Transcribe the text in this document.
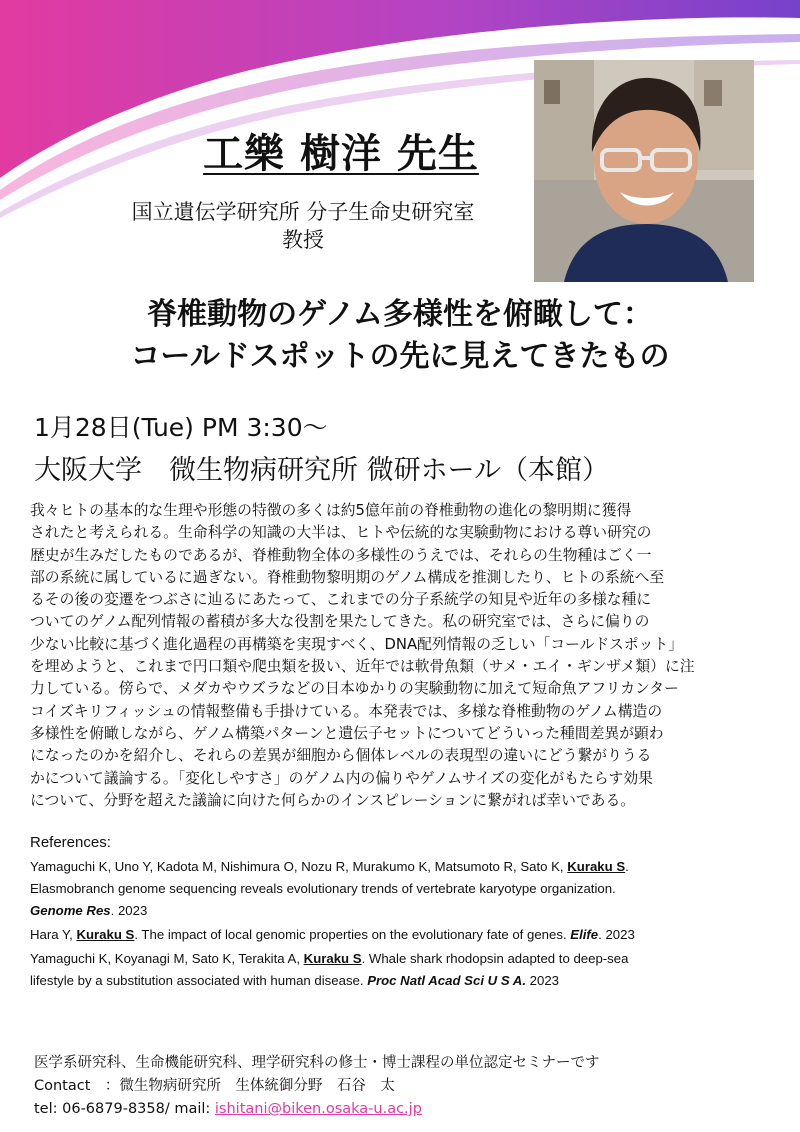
工樂 樹洋 先生
国立遺伝学研究所 分子生命史研究室
教授
脊椎動物のゲノム多様性を俯瞰して：
コールドスポットの先に見えてきたもの
1月28日(Tue) PM 3:30～
大阪大学　微生物病研究所 微研ホール（本館）
我々ヒトの基本的な生理や形態の特徴の多くは約5億年前の脊椎動物の進化の黎明期に獲得
されたと考えられる。生命科学の知識の大半は、ヒトや伝統的な実験動物における尊い研究の
歴史が生みだしたものであるが、脊椎動物全体の多様性のうえでは、それらの生物種はごく一
部の系統に属しているに過ぎない。脊椎動物黎明期のゲノム構成を推測したり、ヒトの系統へ至
るその後の変遷をつぶさに辿るにあたって、これまでの分子系統学の知見や近年の多様な種に
ついてのゲノム配列情報の蓄積が多大な役割を果たしてきた。私の研究室では、さらに偏りの
少ない比較に基づく進化過程の再構築を実現すべく、DNA配列情報の乏しい「コールドスポット」
を埋めようと、これまで円口類や爬虫類を扱い、近年では軟骨魚類（サメ・エイ・ギンザメ類）に注
力している。傍らで、メダカやウズラなどの日本ゆかりの実験動物に加えて短命魚アフリカンター
コイズキリフィッシュの情報整備も手掛けている。本発表では、多様な脊椎動物のゲノム構造の
多様性を俯瞰しながら、ゲノム構築パターンと遺伝子セットについてどういった種間差異が顕わ
になったのかを紹介し、それらの差異が細胞から個体レベルの表現型の違いにどう繋がりうる
かについて議論する。「変化しやすさ」のゲノム内の偏りやゲノムサイズの変化がもたらす効果
について、分野を超えた議論に向けた何らかのインスピレーションに繋がれば幸いである。
References:
Yamaguchi K, Uno Y, Kadota M, Nishimura O, Nozu R, Murakumo K, Matsumoto R, Sato K, Kuraku S.
Elasmobranch genome sequencing reveals evolutionary trends of vertebrate karyotype organization.
Genome Res. 2023
Hara Y, Kuraku S. The impact of local genomic properties on the evolutionary fate of genes. Elife. 2023
Yamaguchi K, Koyanagi M, Sato K, Terakita A, Kuraku S. Whale shark rhodopsin adapted to deep-sea
lifestyle by a substitution associated with human disease. Proc Natl Acad Sci U S A. 2023
医学系研究科、生命機能研究科、理学研究科の修士・博士課程の単位認定セミナーです
Contact　：微生物病研究所　生体統御分野　石谷　太
tel: 06-6879-8358/ mail: ishitani@biken.osaka-u.ac.jp
